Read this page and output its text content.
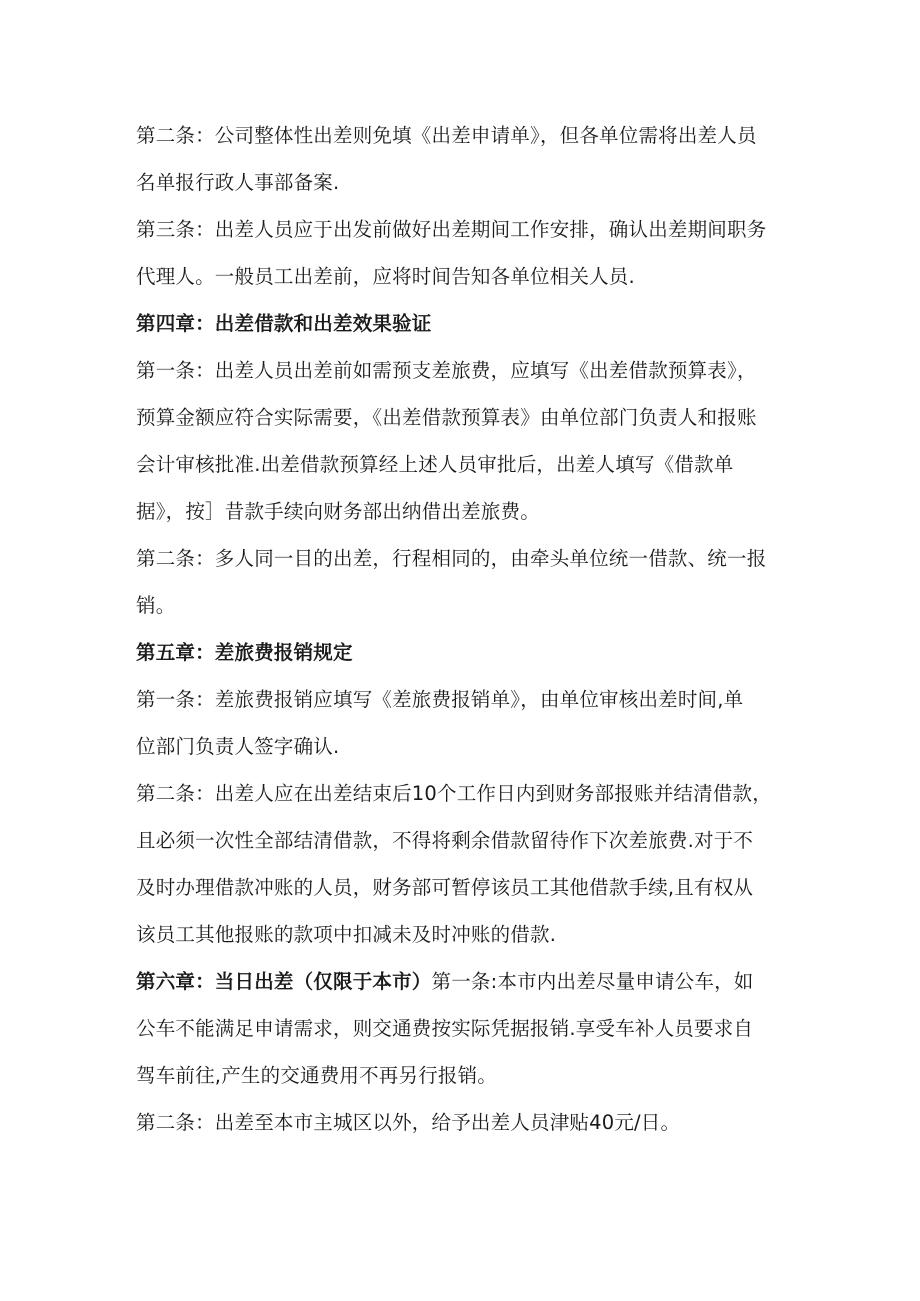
第二条：公司整体性出差则免填《出差申请单》，但各单位需将出差人员
名单报行政人事部备案.
第三条：出差人员应于出发前做好出差期间工作安排，确认出差期间职务
代理人。一般员工出差前，应将时间告知各单位相关人员.
第四章：出差借款和出差效果验证
第一条：出差人员出差前如需预支差旅费，应填写《出差借款预算表》，
预算金额应符合实际需要，《出差借款预算表》由单位部门负责人和报账
会计审核批准.出差借款预算经上述人员审批后，出差人填写《借款单
据》，按］昔款手续向财务部出纳借出差旅费。
第二条：多人同一目的出差，行程相同的，由牵头单位统一借款、统一报
销。
第五章：差旅费报销规定
第一条：差旅费报销应填写《差旅费报销单》，由单位审核出差时间,单
位部门负责人签字确认.
第二条：出差人应在出差结束后10个工作日内到财务部报账并结清借款，
且必须一次性全部结清借款，不得将剩余借款留待作下次差旅费.对于不
及时办理借款冲账的人员，财务部可暂停该员工其他借款手续,且有权从
该员工其他报账的款项中扣减未及时冲账的借款.
第六章：当日出差（仅限于本市）第一条:本市内出差尽量申请公车，如
公车不能满足申请需求，则交通费按实际凭据报销.享受车补人员要求自
驾车前往,产生的交通费用不再另行报销。
第二条：出差至本市主城区以外，给予出差人员津贴40元/日。
